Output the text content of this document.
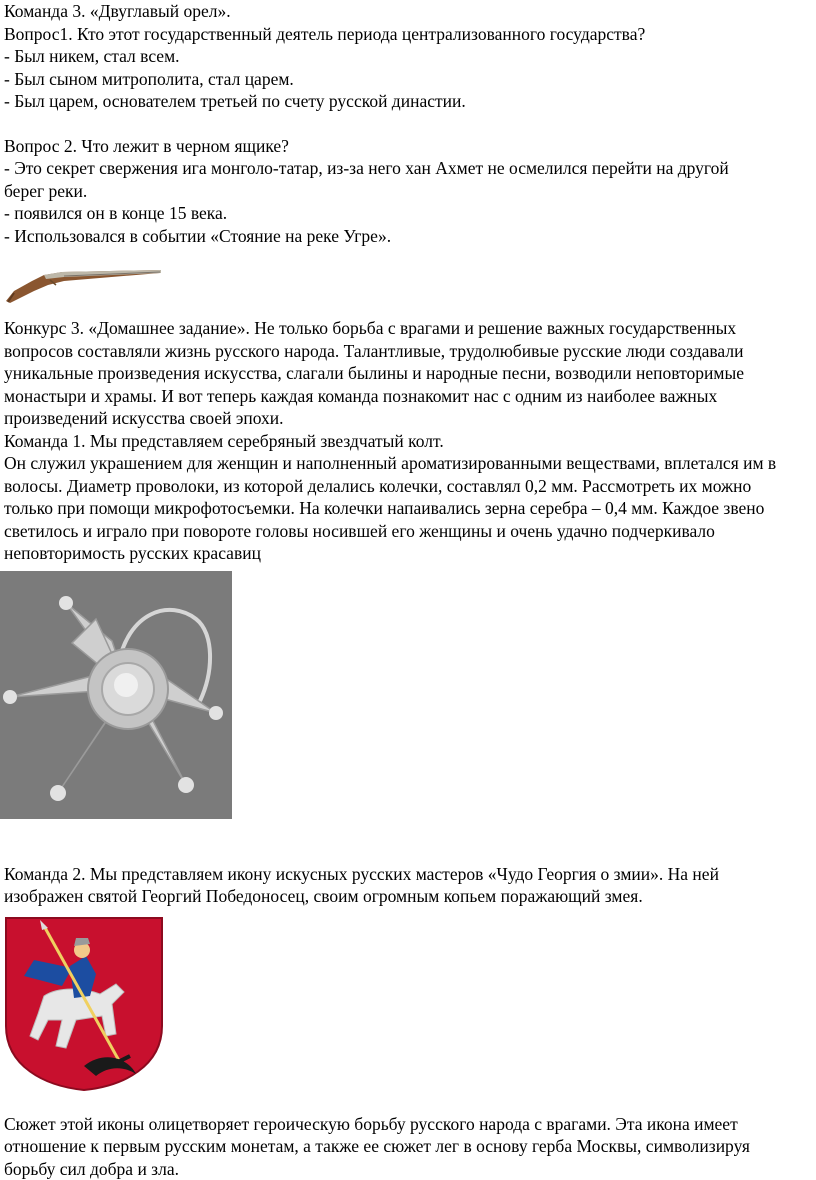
Команда 3. «Двуглавый орел».
Вопрос1. Кто этот государственный деятель периода централизованного государства?
- Был никем, стал всем.
- Был сыном митрополита, стал царем.
- Был царем, основателем третьей по счету русской династии.
Вопрос 2. Что лежит в черном ящике?
- Это секрет свержения ига монголо-татар, из-за него хан Ахмет не осмелился перейти на другой
берег реки.
- появился он в конце 15 века.
- Использовался в событии «Стояние на реке Угре».
Конкурс 3. «Домашнее задание». Не только борьба с врагами и решение важных государственных
вопросов составляли жизнь русского народа. Талантливые, трудолюбивые русские люди создавали
уникальные произведения искусства, слагали былины и народные песни, возводили неповторимые
монастыри и храмы. И вот теперь каждая команда познакомит нас с одним из наиболее важных
произведений искусства своей эпохи.
Команда 1. Мы представляем серебряный звездчатый колт.
Он служил украшением для женщин и наполненный ароматизированными веществами, вплетался им в
волосы. Диаметр проволоки, из которой делались колечки, составлял 0,2 мм. Рассмотреть их можно
только при помощи микрофотосъемки. На колечки напаивались зерна серебра – 0,4 мм. Каждое звено
светилось и играло при повороте головы носившей его женщины и очень удачно подчеркивало
неповторимость русских красавиц
Команда 2. Мы представляем икону искусных русских мастеров «Чудо Георгия о змии». На ней
изображен святой Георгий Победоносец, своим огромным копьем поражающий змея.
Сюжет этой иконы олицетворяет героическую борьбу русского народа с врагами. Эта икона имеет
отношение к первым русским монетам, а также ее сюжет лег в основу герба Москвы, символизируя
борьбу сил добра и зла.
